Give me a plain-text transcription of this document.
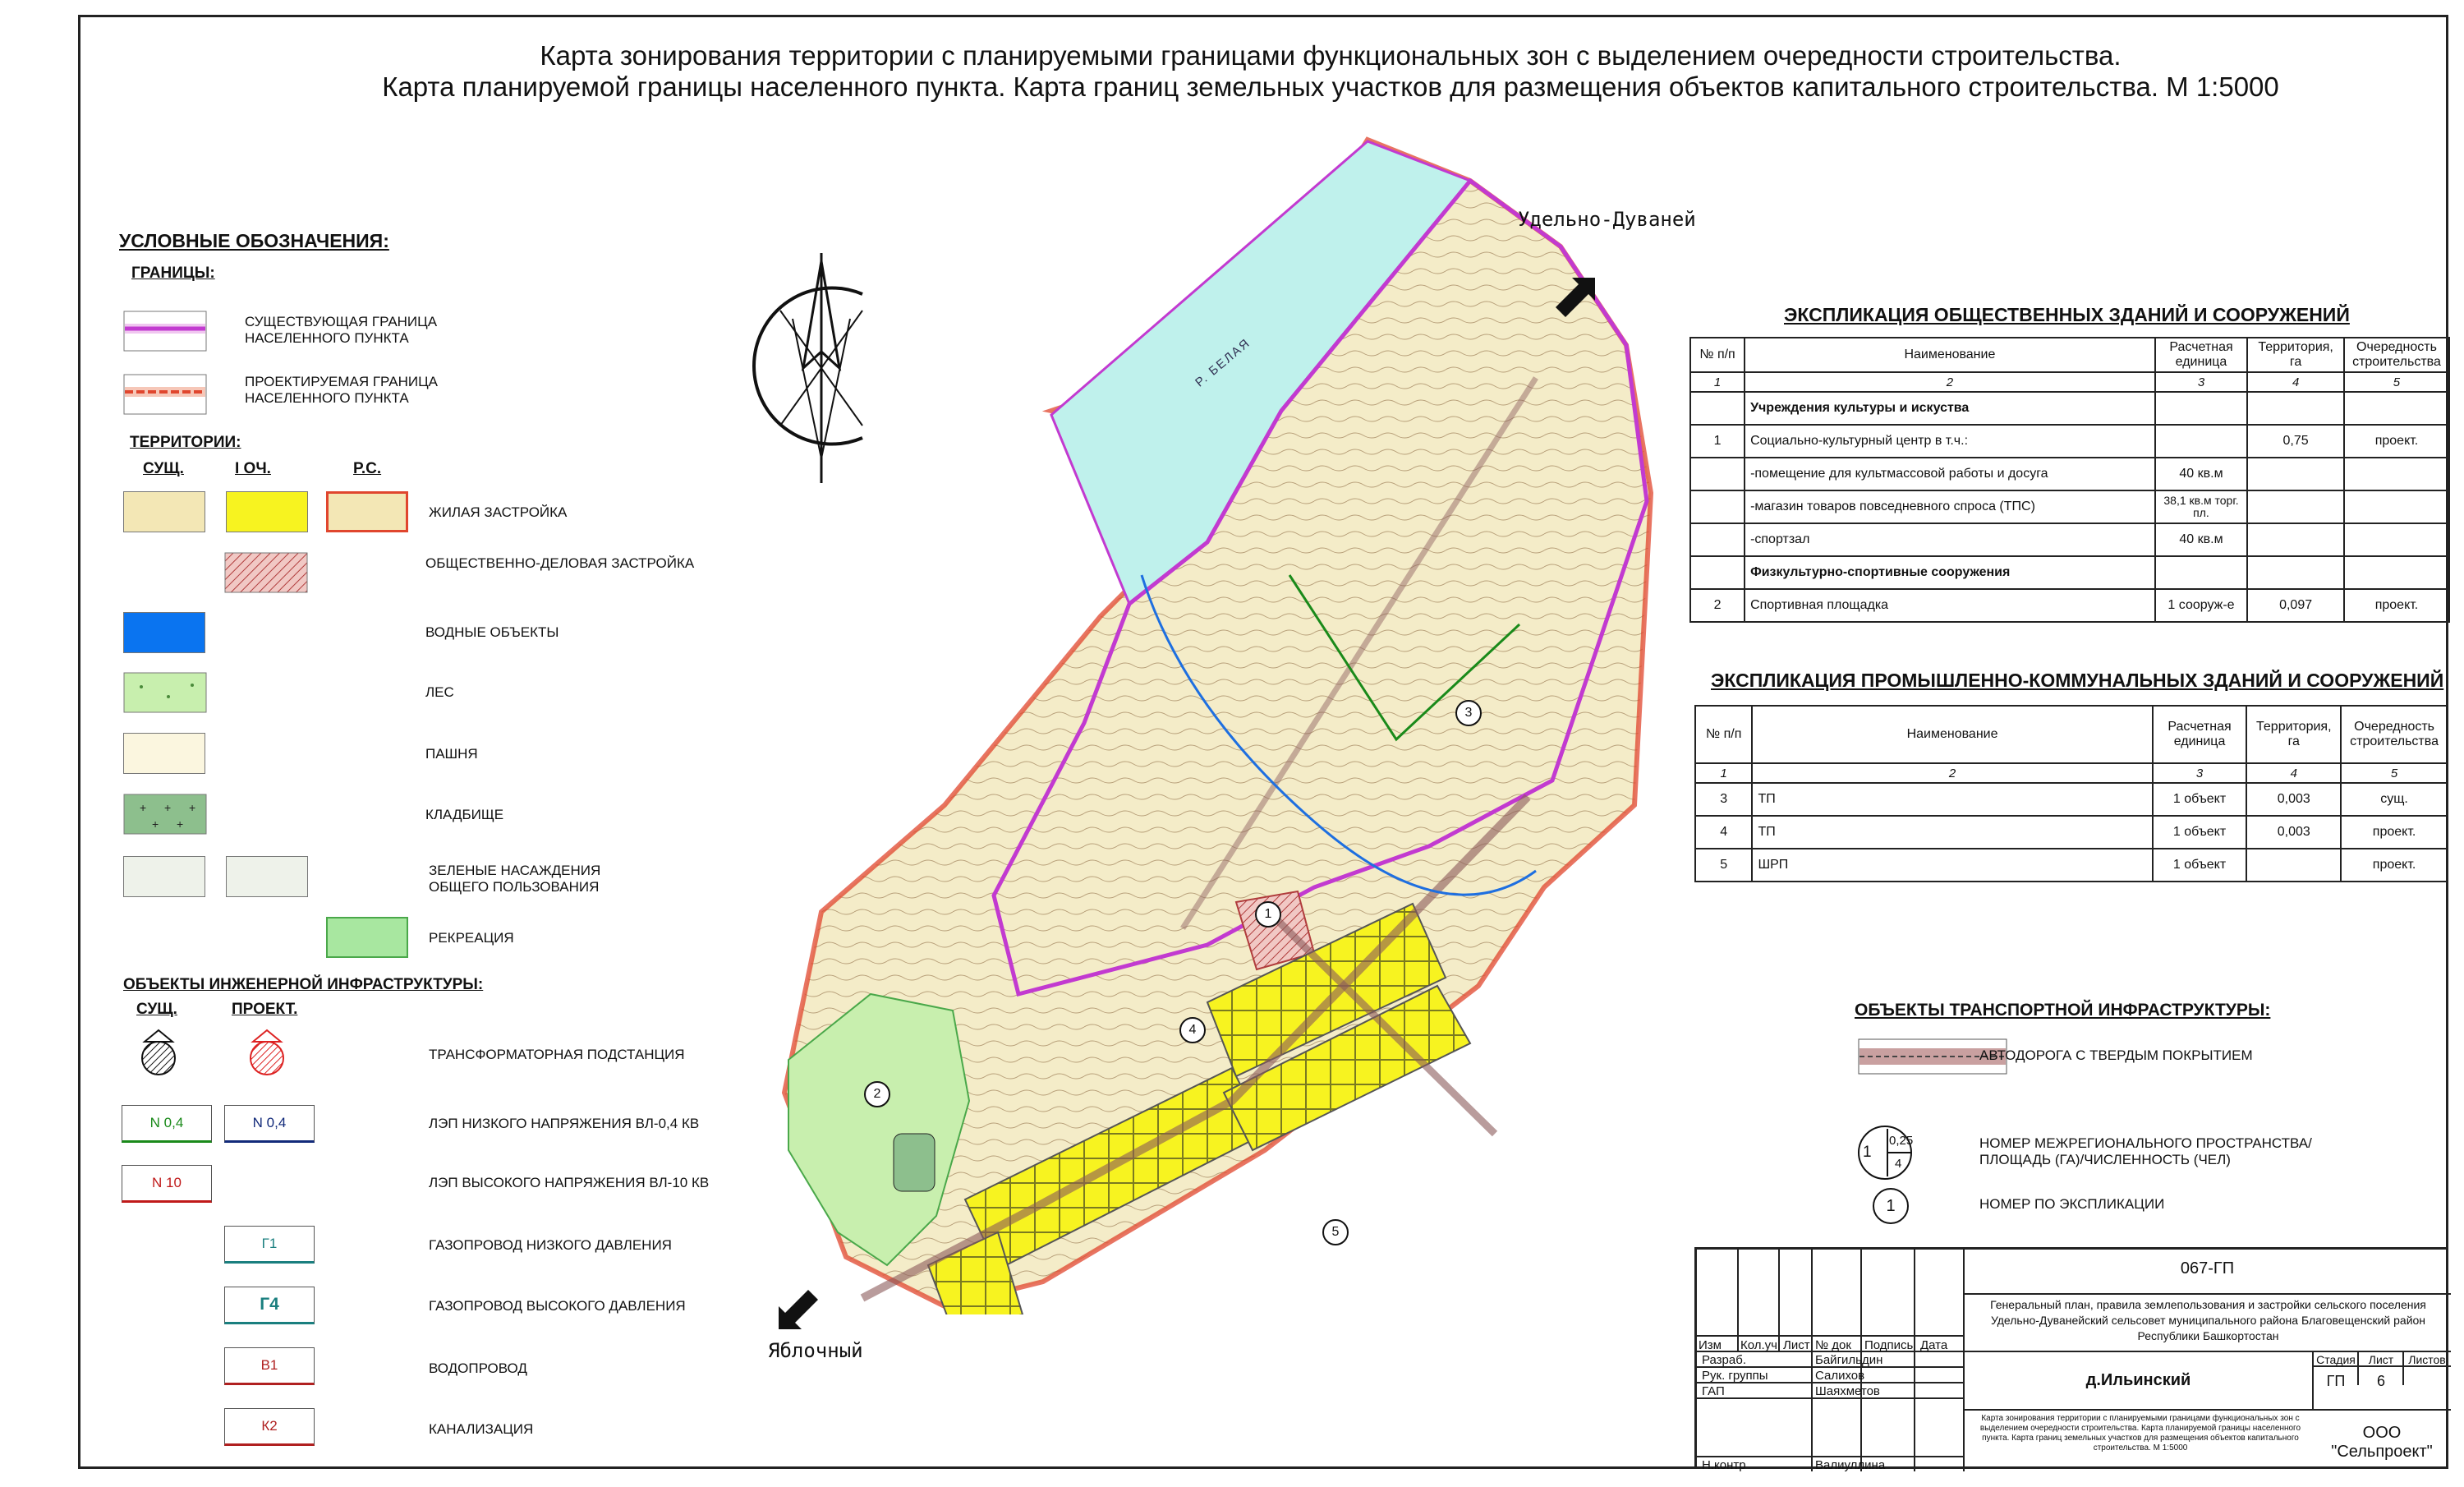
Карта зонирования территории с планируемыми границами функциональных зон с выделением очередности строительства.
Карта планируемой границы населенного пункта. Карта границ земельных участков для размещения объектов капитального строительства. М 1:5000
УСЛОВНЫЕ ОБОЗНАЧЕНИЯ:
ГРАНИЦЫ:
СУЩЕСТВУЮЩАЯ ГРАНИЦА НАСЕЛЕННОГО ПУНКТА
ПРОЕКТИРУЕМАЯ ГРАНИЦА НАСЕЛЕННОГО ПУНКТА
ТЕРРИТОРИИ:
СУЩ.	I ОЧ.	Р.С.
ЖИЛАЯ ЗАСТРОЙКА
ОБЩЕСТВЕННО-ДЕЛОВАЯ ЗАСТРОЙКА
ВОДНЫЕ ОБЪЕКТЫ
ЛЕС
ПАШНЯ
+ + +
+ +
КЛАДБИЩЕ
ЗЕЛЕНЫЕ НАСАЖДЕНИЯ ОБЩЕГО ПОЛЬЗОВАНИЯ
РЕКРЕАЦИЯ
ОБЪЕКТЫ ИНЖЕНЕРНОЙ ИНФРАСТРУКТУРЫ:
СУЩ.	ПРОЕКТ.
ТРАНСФОРМАТОРНАЯ ПОДСТАНЦИЯ
N 0,4	N 0,4	ЛЭП НИЗКОГО НАПРЯЖЕНИЯ ВЛ-0,4 КВ
N 10	ЛЭП ВЫСОКОГО НАПРЯЖЕНИЯ ВЛ-10 КВ
Г1	ГАЗОПРОВОД НИЗКОГО ДАВЛЕНИЯ
Г4	ГАЗОПРОВОД ВЫСОКОГО ДАВЛЕНИЯ
В1	ВОДОПРОВОД
К2	КАНАЛИЗАЦИЯ
Р. БЕЛАЯ
Удельно-Дуваней
Яблочный
1
2
3
4
5
ЭКСПЛИКАЦИЯ ОБЩЕСТВЕННЫХ ЗДАНИЙ И СООРУЖЕНИЙ
№ п/п	Наименование	Расчетная единица	Территория, га	Очередность строительства
1	2	3	4	5
	Учреждения культуры и искуства			
1	Социально-культурный центр в т.ч.:		0,75	проект.
	-помещение для культмассовой работы и досуга	40 кв.м		
	-магазин товаров повседневного спроса (ТПС)	38,1 кв.м торг. пл.		
	-спортзал	40 кв.м		
	Физкультурно-спортивные сооружения			
2	Спортивная площадка	1 сооруж-е	0,097	проект.
ЭКСПЛИКАЦИЯ ПРОМЫШЛЕННО-КОММУНАЛЬНЫХ ЗДАНИЙ И СООРУЖЕНИЙ
№ п/п	Наименование	Расчетная единица	Территория, га	Очередность строительства
1	2	3	4	5
3	ТП	1 объект	0,003	сущ.
4	ТП	1 объект	0,003	проект.
5	ШРП	1 объект		проект.
ОБЪЕКТЫ ТРАНСПОРТНОЙ ИНФРАСТРУКТУРЫ:
АВТОДОРОГА С ТВЕРДЫМ ПОКРЫТИЕМ
1
0,25
4
НОМЕР МЕЖРЕГИОНАЛЬНОГО ПРОСТРАНСТВА/ ПЛОЩАДЬ (ГА)/ЧИСЛЕННОСТЬ (ЧЕЛ)
1	НОМЕР ПО ЭКСПЛИКАЦИИ
Изм Кол.уч Лист № док Подпись Дата
Разраб.	Байгильдин
Рук. группы	Салихов
ГАП	Шаяхметов
Н.контр	Валиуллина
067-ГП
Генеральный план, правила землепользования и застройки сельского поселения Удельно-Дуванейский сельсовет муниципального района Благовещенский район Республики Башкортостан
д.Ильинский
Стадия	Лист	Листов
ГП	6
Карта зонирования территории с планируемыми границами функциональных зон с выделением очередности строительства. Карта планируемой границы населенного пункта. Карта границ земельных участков для размещения объектов капитального строительства. М 1:5000
ООО "Сельпроект"
